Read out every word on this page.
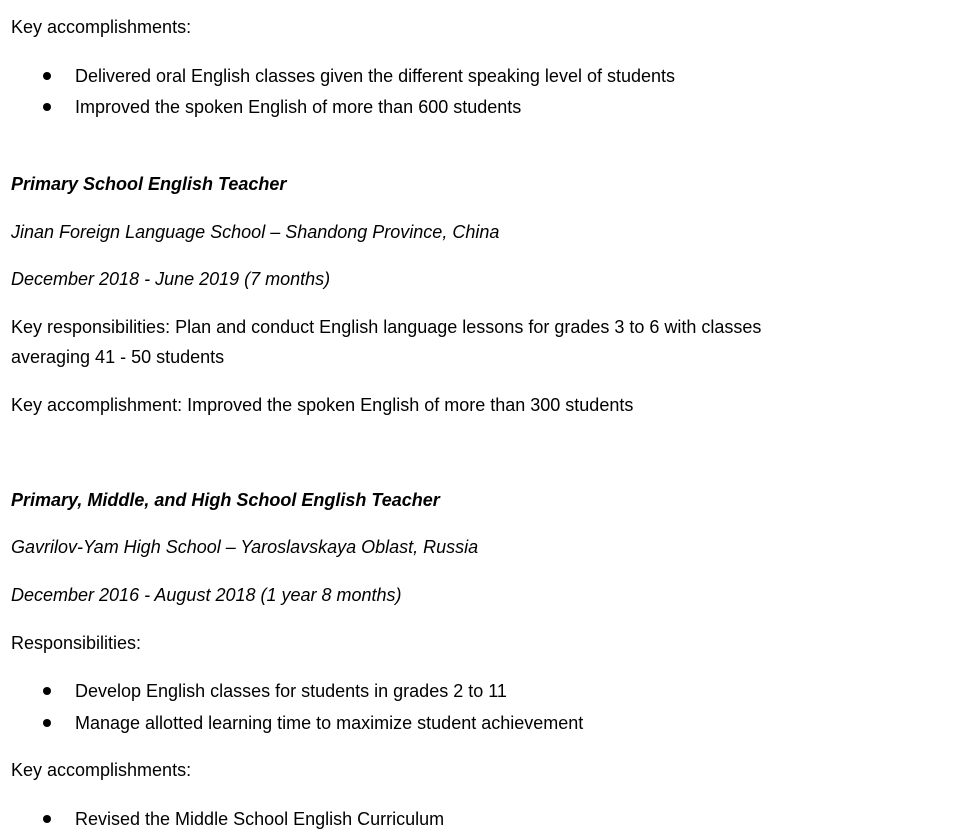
Key accomplishments:
Delivered oral English classes given the different speaking level of students
Improved the spoken English of more than 600 students
Primary School English Teacher
Jinan Foreign Language School – Shandong Province, China
December 2018 - June 2019 (7 months)
Key responsibilities: Plan and conduct English language lessons for grades 3 to 6 with classes
averaging 41 - 50 students
Key accomplishment: Improved the spoken English of more than 300 students
Primary, Middle, and High School English Teacher
Gavrilov-Yam High School – Yaroslavskaya Oblast, Russia
December 2016 - August 2018 (1 year 8 months)
Responsibilities:
Develop English classes for students in grades 2 to 11
Manage allotted learning time to maximize student achievement
Key accomplishments:
Revised the Middle School English Curriculum
